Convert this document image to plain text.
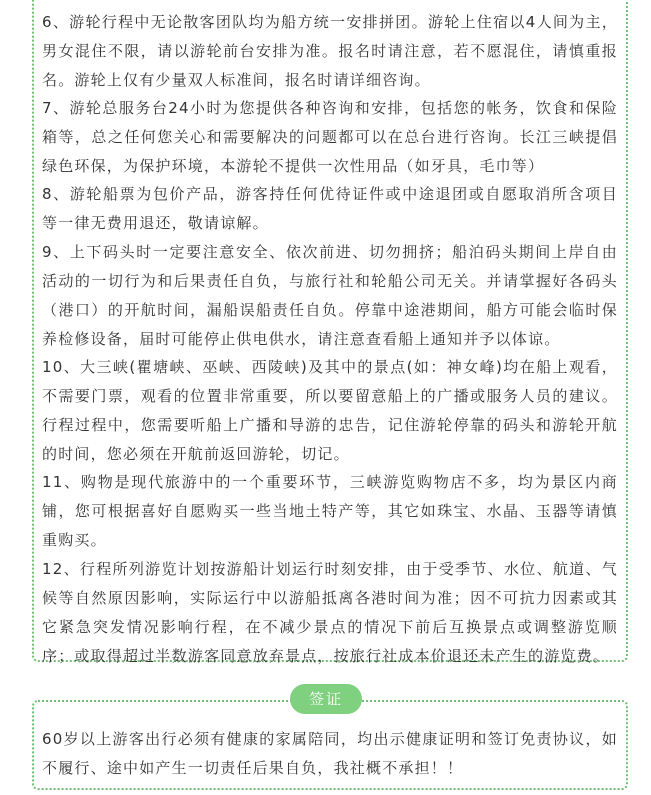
6、游轮行程中无论散客团队均为船方统一安排拼团。游轮上住宿以4人间为主，男女混住不限，请以游轮前台安排为准。报名时请注意，若不愿混住，请慎重报名。游轮上仅有少量双人标准间，报名时请详细咨询。

7、游轮总服务台24小时为您提供各种咨询和安排，包括您的帐务，饮食和保险箱等，总之任何您关心和需要解决的问题都可以在总台进行咨询。长江三峡提倡绿色环保，为保护环境，本游轮不提供一次性用品（如牙具，毛巾等）

8、游轮船票为包价产品，游客持任何优待证件或中途退团或自愿取消所含项目等一律无费用退还，敬请谅解。

9、上下码头时一定要注意安全、依次前进、切勿拥挤；船泊码头期间上岸自由活动的一切行为和后果责任自负，与旅行社和轮船公司无关。并请掌握好各码头（港口）的开航时间，漏船误船责任自负。停靠中途港期间，船方可能会临时保养检修设备，届时可能停止供电供水，请注意查看船上通知并予以体谅。

10、大三峡(瞿塘峡、巫峡、西陵峡)及其中的景点(如：神女峰)均在船上观看，不需要门票，观看的位置非常重要，所以要留意船上的广播或服务人员的建议。行程过程中，您需要听船上广播和导游的忠告，记住游轮停靠的码头和游轮开航的时间，您必须在开航前返回游轮，切记。

11、购物是现代旅游中的一个重要环节，三峡游览购物店不多，均为景区内商铺，您可根据喜好自愿购买一些当地土特产等，其它如珠宝、水晶、玉器等请慎重购买。

12、行程所列游览计划按游船计划运行时刻安排，由于受季节、水位、航道、气候等自然原因影响，实际运行中以游船抵离各港时间为准；因不可抗力因素或其它紧急突发情况影响行程，在不减少景点的情况下前后互换景点或调整游览顺序；或取得超过半数游客同意放弃景点，按旅行社成本价退还未产生的游览费。

签证

60岁以上游客出行必须有健康的家属陪同，均出示健康证明和签订免责协议，如不履行、途中如产生一切责任后果自负，我社概不承担！！
